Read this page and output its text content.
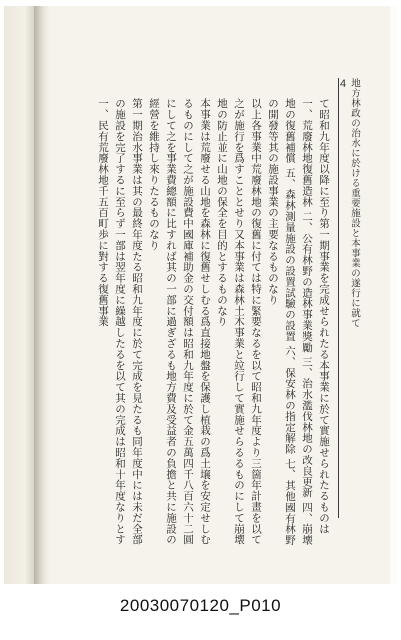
4 地方林政の治水に於ける重要施設と本事業の遂行に就て

て昭和九年度以降に至り第一期事業を完成せられたる本事業に於て實施せられたるものは一、荒廢林地復舊造林 二、公有林野の造林事業獎勵 三、治水濫伐林地の改良更新 四、崩壊地の復舊補償 五、森林測量施設の設置試驗の設置 六、保安林の指定解除 七、其他國有林野の開發等其の施設事業の主要なるものなり

以上各事業中荒廢林地の復舊に付ては特に緊要なるを以て昭和九年度より三箇年計畫を以て之が施行を爲すこととせり又本事業は森林土木事業と竝行して實施せらるるものにして崩壊地の防止並に山地の保全を目的とするものなり

本事業は荒廢せる山地を森林に復舊せしむる爲直接地盤を保護し植栽の爲土壌を安定せしむるものにして之が施設費中國庫補助金の交付額は昭和九年度に於て金五萬四千八百六十二圓にして之を事業費總額に比すれば其の一部に過ぎざるも地方費及受益者の負擔と共に施設の經營を維持し來りたるものなり

第一期治水事業は其の最終年度たる昭和九年度に於て完成を見たるも同年度中には未だ全部の施設を完了するに至らず一部は翌年度に繰越したるを以て其の完成は昭和十年度なりとす

一、民有荒廢林地千五百町歩に對する復舊事業

20030070120_P010
